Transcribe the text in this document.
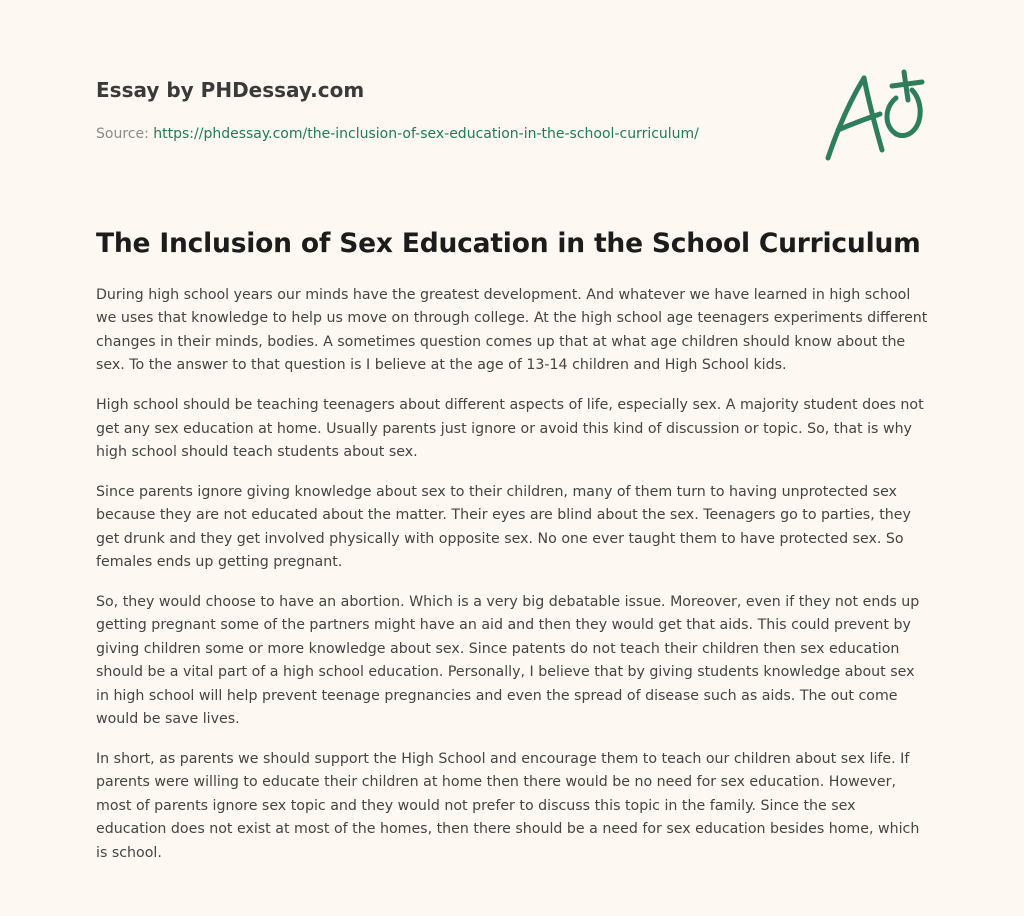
Essay by PHDessay.com
Source: https://phdessay.com/the-inclusion-of-sex-education-in-the-school-curriculum/
The Inclusion of Sex Education in the School Curriculum

During high school years our minds have the greatest development. And whatever we have learned in high school we uses that knowledge to help us move on through college. At the high school age teenagers experiments different changes in their minds, bodies. A sometimes question comes up that at what age children should know about the sex. To the answer to that question is I believe at the age of 13-14 children and High School kids.

High school should be teaching teenagers about different aspects of life, especially sex. A majority student does not get any sex education at home. Usually parents just ignore or avoid this kind of discussion or topic. So, that is why high school should teach students about sex.

Since parents ignore giving knowledge about sex to their children, many of them turn to having unprotected sex because they are not educated about the matter. Their eyes are blind about the sex. Teenagers go to parties, they get drunk and they get involved physically with opposite sex. No one ever taught them to have protected sex. So females ends up getting pregnant.

So, they would choose to have an abortion. Which is a very big debatable issue. Moreover, even if they not ends up getting pregnant some of the partners might have an aid and then they would get that aids. This could prevent by giving children some or more knowledge about sex. Since patents do not teach their children then sex education should be a vital part of a high school education. Personally, I believe that by giving students knowledge about sex in high school will help prevent teenage pregnancies and even the spread of disease such as aids. The out come would be save lives.

In short, as parents we should support the High School and encourage them to teach our children about sex life. If parents were willing to educate their children at home then there would be no need for sex education. However, most of parents ignore sex topic and they would not prefer to discuss this topic in the family. Since the sex education does not exist at most of the homes, then there should be a need for sex education besides home, which is school.
